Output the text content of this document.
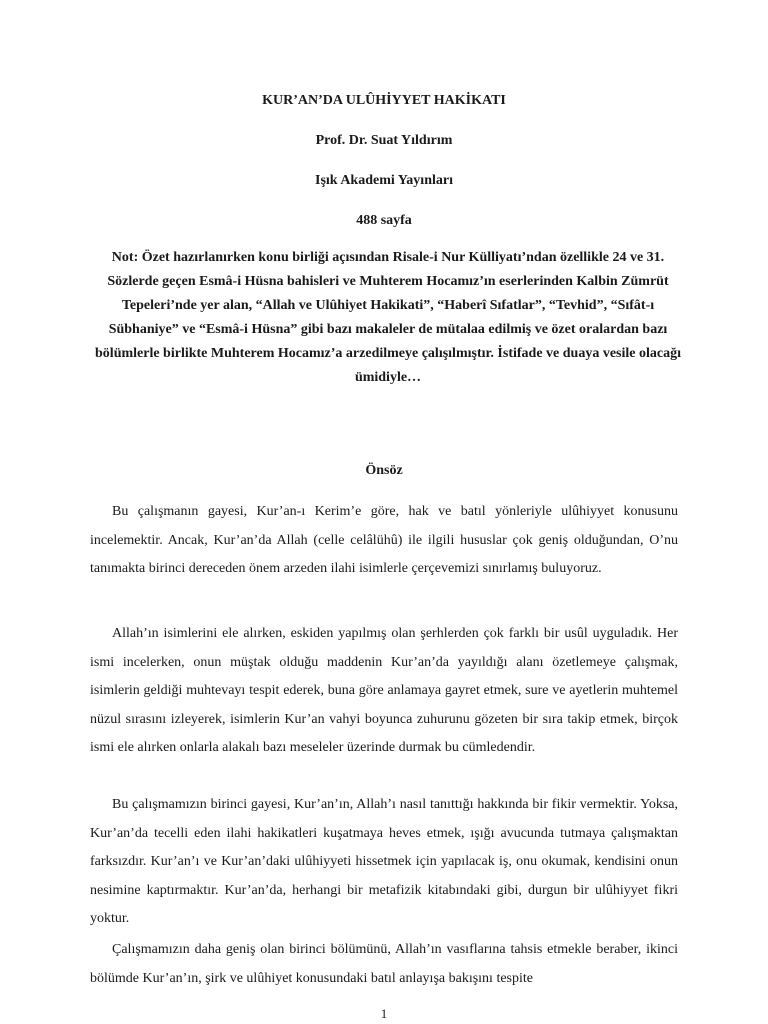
KUR’AN’DA ULÛHİYYET HAKİKATI
Prof. Dr. Suat Yıldırım
Işık Akademi Yayınları
488 sayfa
Not: Özet hazırlanırken konu birliği açısından Risale-i Nur Külliyatı’ndan özellikle 24 ve 31. Sözlerde geçen Esmâ-i Hüsna bahisleri ve Muhterem Hocamız’ın eserlerinden Kalbin Zümrüt Tepeleri’nde yer alan, “Allah ve Ulûhiyet Hakikati”, “Haberî Sıfatlar”, “Tevhid”, “Sıfât-ı Sübhaniye” ve “Esmâ-i Hüsna” gibi bazı makaleler de mütalaa edilmiş ve özet oralardan bazı bölümlerle birlikte Muhterem Hocamız’a arzedilmeye çalışılmıştır. İstifade ve duaya vesile olacağı ümidiyle…
Önsöz

Bu çalışmanın gayesi, Kur’an-ı Kerim’e göre, hak ve batıl yönleriyle ulûhiyyet konusunu incelemektir. Ancak, Kur’an’da Allah (celle celâlühû) ile ilgili hususlar çok geniş olduğundan, O’nu tanımakta birinci dereceden önem arzeden ilahi isimlerle çerçevemizi sınırlamış buluyoruz.

Allah’ın isimlerini ele alırken, eskiden yapılmış olan şerhlerden çok farklı bir usûl uyguladık. Her ismi incelerken, onun müştak olduğu maddenin Kur’an’da yayıldığı alanı özetlemeye çalışmak, isimlerin geldiği muhtevayı tespit ederek, buna göre anlamaya gayret etmek, sure ve ayetlerin muhtemel nüzul sırasını izleyerek, isimlerin Kur’an vahyi boyunca zuhurunu gözeten bir sıra takip etmek, birçok ismi ele alırken onlarla alakalı bazı meseleler üzerinde durmak bu cümledendir.

Bu çalışmamızın birinci gayesi, Kur’an’ın, Allah’ı nasıl tanıttığı hakkında bir fikir vermektir. Yoksa, Kur’an’da tecelli eden ilahi hakikatleri kuşatmaya heves etmek, ışığı avucunda tutmaya çalışmaktan farksızdır. Kur’an’ı ve Kur’an’daki ulûhiyyeti hissetmek için yapılacak iş, onu okumak, kendisini onun nesimine kaptırmaktır. Kur’an’da, herhangi bir metafizik kitabındaki gibi, durgun bir ulûhiyyet fikri yoktur.

Çalışmamızın daha geniş olan birinci bölümünü, Allah’ın vasıflarına tahsis etmekle beraber, ikinci bölümde Kur’an’ın, şirk ve ulûhiyet konusundaki batıl anlayışa bakışını tespite

1
